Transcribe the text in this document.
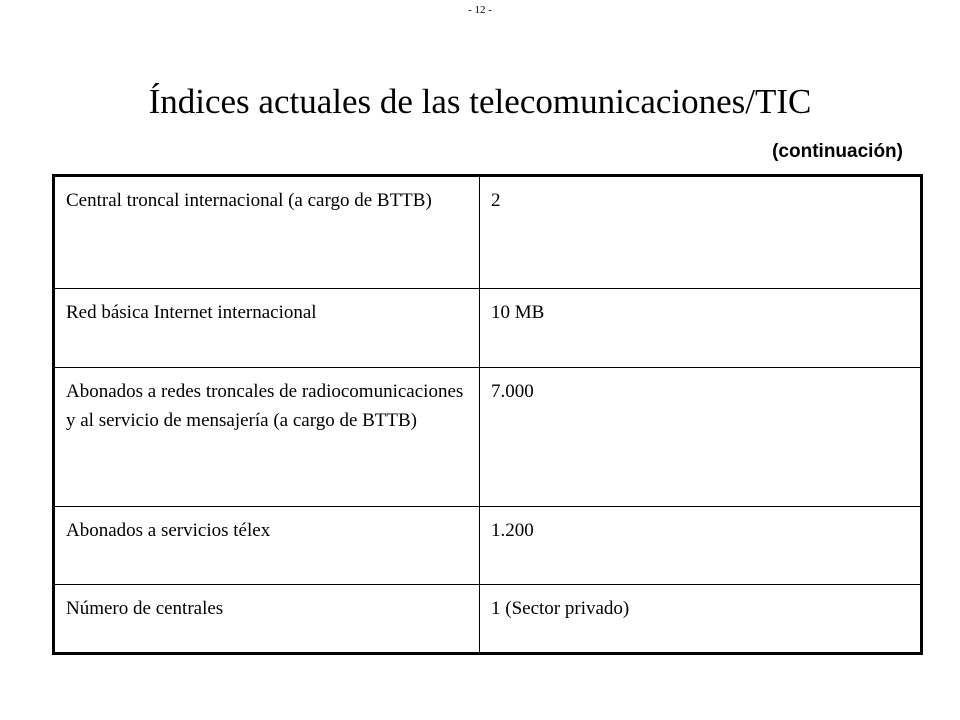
- 12 -
Índices actuales de las telecomunicaciones/TIC
(continuación)
Central troncal internacional (a cargo de BTTB)	2
Red básica Internet internacional	10 MB
Abonados a redes troncales de radiocomunicaciones y al servicio de mensajería (a cargo de BTTB)	7.000
Abonados a servicios télex	1.200
Número de centrales	1 (Sector privado)
